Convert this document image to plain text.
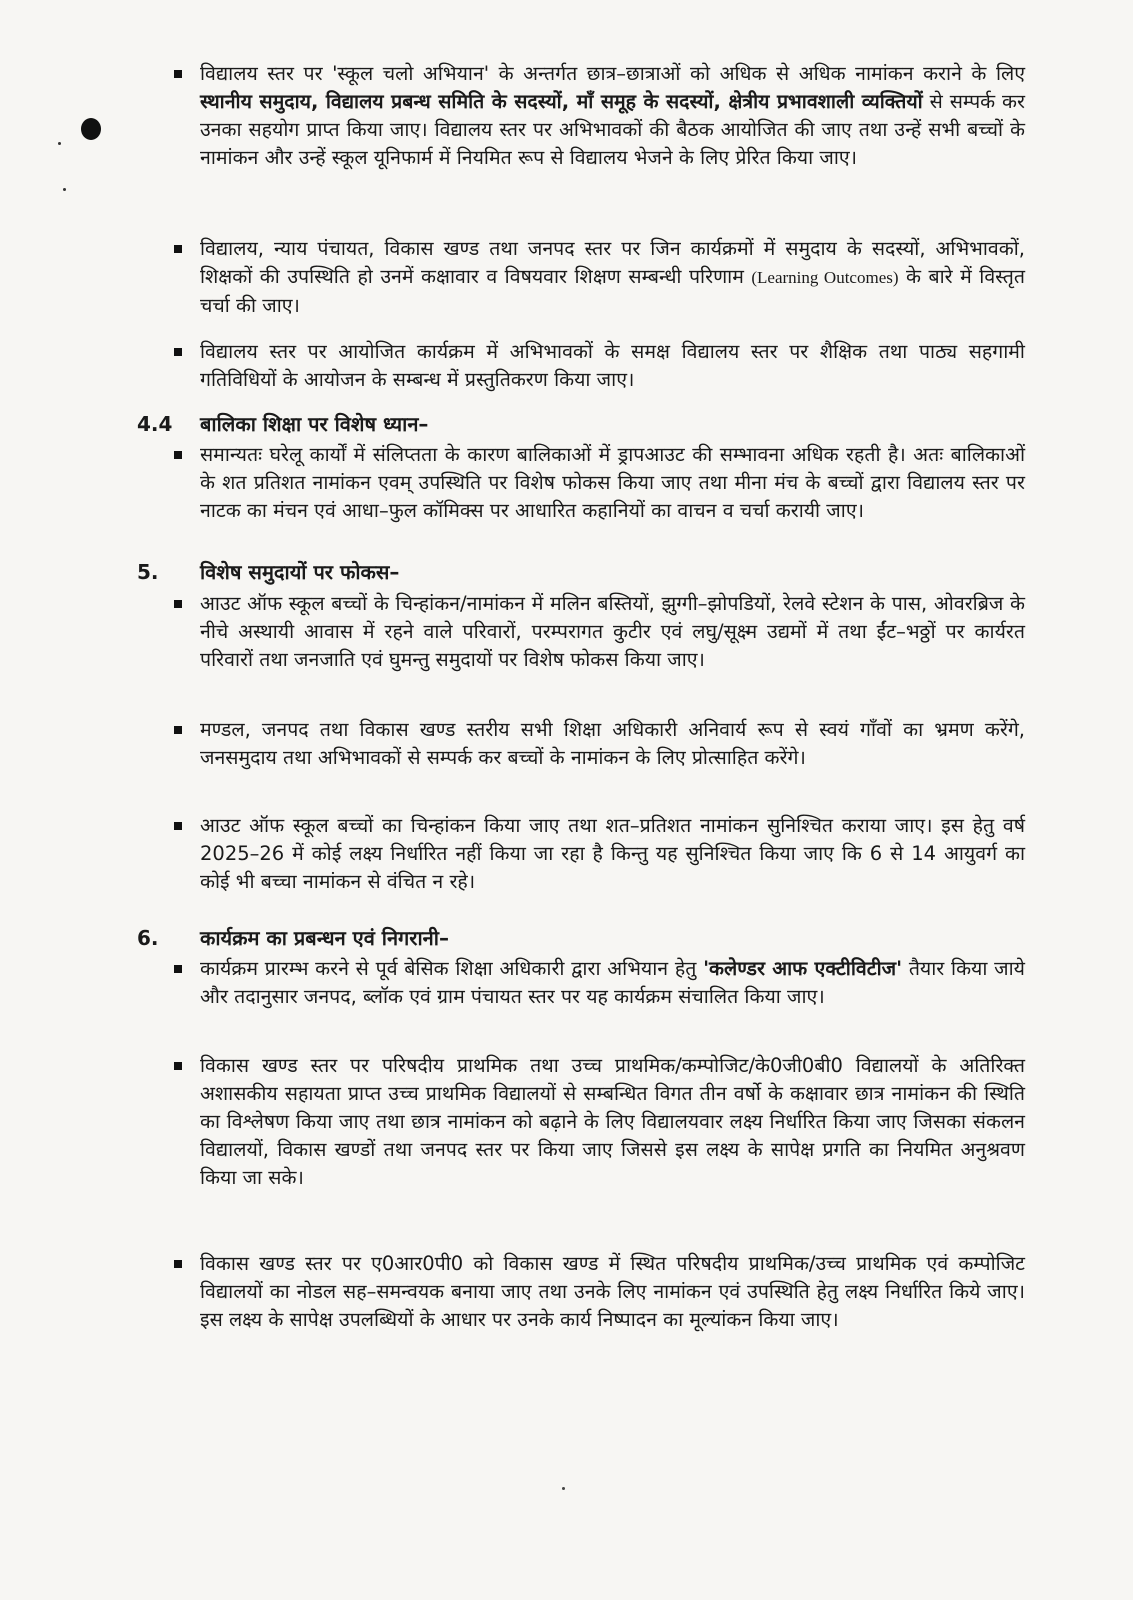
विद्यालय स्तर पर 'स्कूल चलो अभियान' के अन्तर्गत छात्र–छात्राओं को अधिक से अधिक नामांकन कराने के लिए स्थानीय समुदाय, विद्यालय प्रबन्ध समिति के सदस्यों, माँ समूह के सदस्यों, क्षेत्रीय प्रभावशाली व्यक्तियों से सम्पर्क कर उनका सहयोग प्राप्त किया जाए। विद्यालय स्तर पर अभिभावकों की बैठक आयोजित की जाए तथा उन्हें सभी बच्चों के नामांकन और उन्हें स्कूल यूनिफार्म में नियमित रूप से विद्यालय भेजने के लिए प्रेरित किया जाए।
विद्यालय, न्याय पंचायत, विकास खण्ड तथा जनपद स्तर पर जिन कार्यक्रमों में समुदाय के सदस्यों, अभिभावकों, शिक्षकों की उपस्थिति हो उनमें कक्षावार व विषयवार शिक्षण सम्बन्धी परिणाम (Learning Outcomes) के बारे में विस्तृत चर्चा की जाए।
विद्यालय स्तर पर आयोजित कार्यक्रम में अभिभावकों के समक्ष विद्यालय स्तर पर शैक्षिक तथा पाठ्य सहगामी गतिविधियों के आयोजन के सम्बन्ध में प्रस्तुतिकरण किया जाए।
4.4 बालिका शिक्षा पर विशेष ध्यान–
समान्यतः घरेलू कार्यों में संलिप्तता के कारण बालिकाओं में ड्रापआउट की सम्भावना अधिक रहती है। अतः बालिकाओं के शत प्रतिशत नामांकन एवम् उपस्थिति पर विशेष फोकस किया जाए तथा मीना मंच के बच्चों द्वारा विद्यालय स्तर पर नाटक का मंचन एवं आधा–फुल कॉमिक्स पर आधारित कहानियों का वाचन व चर्चा करायी जाए।
5. विशेष समुदायों पर फोकस–
आउट ऑफ स्कूल बच्चों के चिन्हांकन/नामांकन में मलिन बस्तियों, झुग्गी–झोपडियों, रेलवे स्टेशन के पास, ओवरब्रिज के नीचे अस्थायी आवास में रहने वाले परिवारों, परम्परागत कुटीर एवं लघु/सूक्ष्म उद्यमों में तथा ईंट–भठ्ठों पर कार्यरत परिवारों तथा जनजाति एवं घुमन्तु समुदायों पर विशेष फोकस किया जाए।
मण्डल, जनपद तथा विकास खण्ड स्तरीय सभी शिक्षा अधिकारी अनिवार्य रूप से स्वयं गाँवों का भ्रमण करेंगे, जनसमुदाय तथा अभिभावकों से सम्पर्क कर बच्चों के नामांकन के लिए प्रोत्साहित करेंगे।
आउट ऑफ स्कूल बच्चों का चिन्हांकन किया जाए तथा शत–प्रतिशत नामांकन सुनिश्चित कराया जाए। इस हेतु वर्ष 2025–26 में कोई लक्ष्य निर्धारित नहीं किया जा रहा है किन्तु यह सुनिश्चित किया जाए कि 6 से 14 आयुवर्ग का कोई भी बच्चा नामांकन से वंचित न रहे।
6. कार्यक्रम का प्रबन्धन एवं निगरानी–
कार्यक्रम प्रारम्भ करने से पूर्व बेसिक शिक्षा अधिकारी द्वारा अभियान हेतु 'कलेण्डर आफ एक्टीविटीज' तैयार किया जाये और तदानुसार जनपद, ब्लॉक एवं ग्राम पंचायत स्तर पर यह कार्यक्रम संचालित किया जाए।
विकास खण्ड स्तर पर परिषदीय प्राथमिक तथा उच्च प्राथमिक/कम्पोजिट/के0जी0बी0 विद्यालयों के अतिरिक्त अशासकीय सहायता प्राप्त उच्च प्राथमिक विद्यालयों से सम्बन्धित विगत तीन वर्षो के कक्षावार छात्र नामांकन की स्थिति का विश्लेषण किया जाए तथा छात्र नामांकन को बढ़ाने के लिए विद्यालयवार लक्ष्य निर्धारित किया जाए जिसका संकलन विद्यालयों, विकास खण्डों तथा जनपद स्तर पर किया जाए जिससे इस लक्ष्य के सापेक्ष प्रगति का नियमित अनुश्रवण किया जा सके।
विकास खण्ड स्तर पर ए0आर0पी0 को विकास खण्ड में स्थित परिषदीय प्राथमिक/उच्च प्राथमिक एवं कम्पोजिट विद्यालयों का नोडल सह–समन्वयक बनाया जाए तथा उनके लिए नामांकन एवं उपस्थिति हेतु लक्ष्य निर्धारित किये जाए। इस लक्ष्य के सापेक्ष उपलब्धियों के आधार पर उनके कार्य निष्पादन का मूल्यांकन किया जाए।
